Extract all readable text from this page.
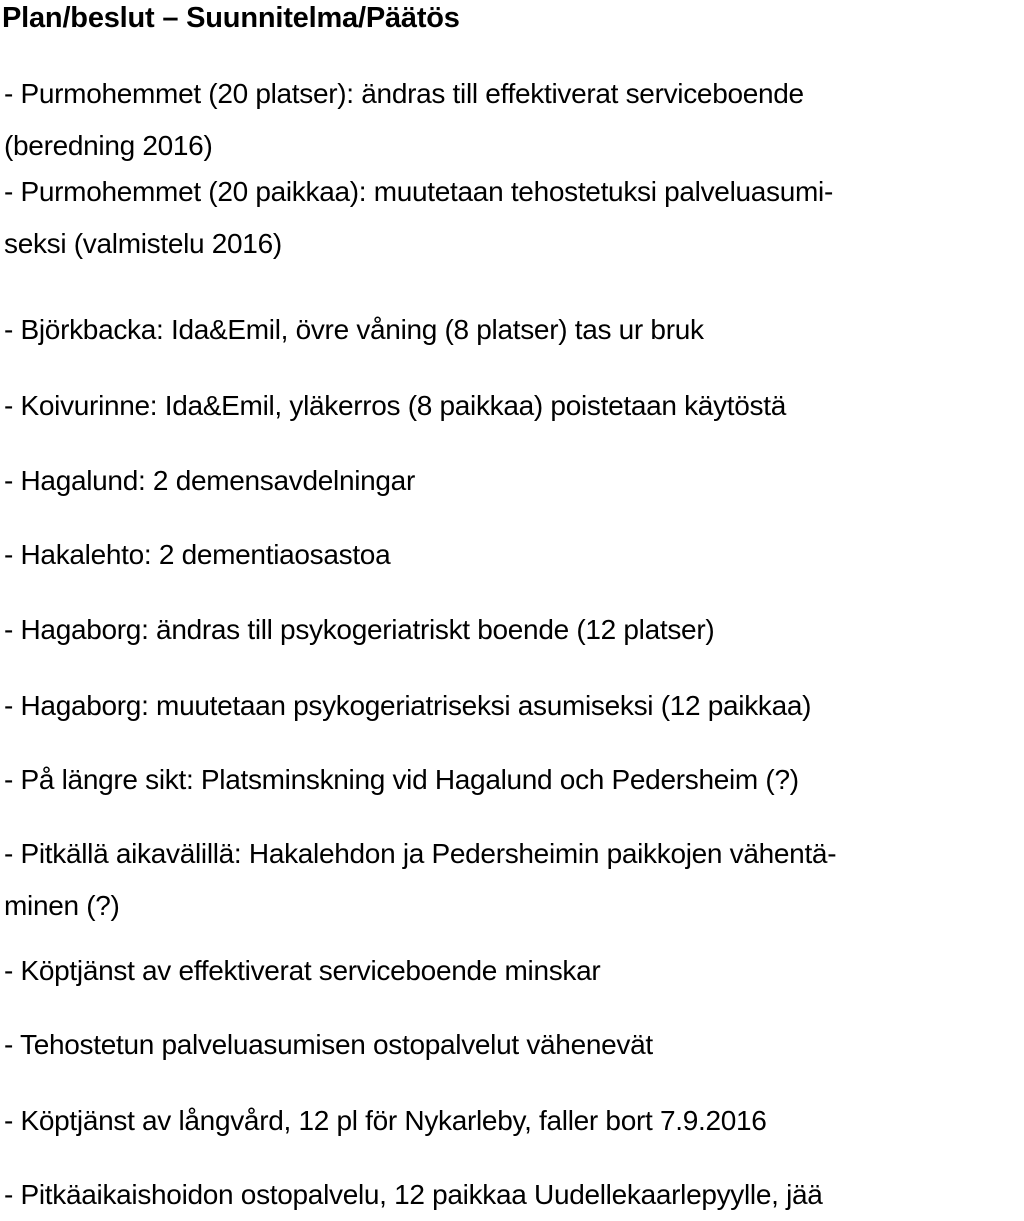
Plan/beslut – Suunnitelma/Päätös
- Purmohemmet (20 platser): ändras till effektiverat serviceboende
(beredning 2016)
- Purmohemmet (20 paikkaa): muutetaan tehostetuksi palveluasumi-
seksi (valmistelu 2016)
- Björkbacka: Ida&Emil, övre våning (8 platser) tas ur bruk
- Koivurinne: Ida&Emil, yläkerros (8 paikkaa) poistetaan käytöstä
- Hagalund: 2 demensavdelningar
- Hakalehto: 2 dementiaosastoa
- Hagaborg: ändras till psykogeriatriskt boende (12 platser)
- Hagaborg: muutetaan psykogeriatriseksi asumiseksi (12 paikkaa)
- På längre sikt: Platsminskning vid Hagalund och Pedersheim (?)
- Pitkällä aikavälillä: Hakalehdon ja Pedersheimin paikkojen vähentä-
minen (?)
- Köptjänst av effektiverat serviceboende minskar
- Tehostetun palveluasumisen ostopalvelut vähenevät
- Köptjänst av långvård, 12 pl för Nykarleby, faller bort 7.9.2016
- Pitkäaikaishoidon ostopalvelu, 12 paikkaa Uudellekaarlepyylle, jää
